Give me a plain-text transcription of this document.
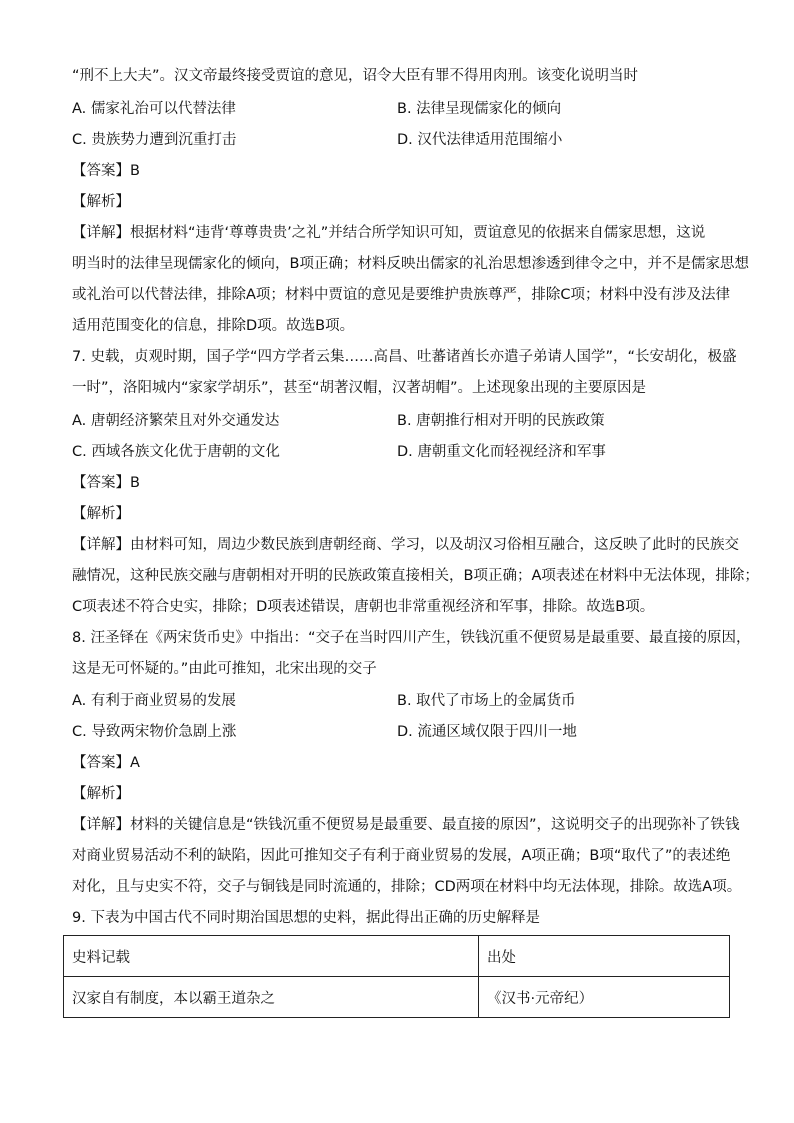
“刑不上大夫”。汉文帝最终接受贾谊的意见，诏令大臣有罪不得用肉刑。该变化说明当时
A. 儒家礼治可以代替法律	B. 法律呈现儒家化的倾向
C. 贵族势力遭到沉重打击	D. 汉代法律适用范围缩小
【答案】B
【解析】
【详解】根据材料“违背‘尊尊贵贵’之礼”并结合所学知识可知，贾谊意见的依据来自儒家思想，这说
明当时的法律呈现儒家化的倾向，B项正确；材料反映出儒家的礼治思想渗透到律令之中，并不是儒家思想
或礼治可以代替法律，排除A项；材料中贾谊的意见是要维护贵族尊严，排除C项；材料中没有涉及法律
适用范围变化的信息，排除D项。故选B项。
7. 史载，贞观时期，国子学“四方学者云集……高昌、吐蕃诸酋长亦遣子弟请人国学”，“长安胡化，极盛
一时”，洛阳城内“家家学胡乐”，甚至“胡著汉帽，汉著胡帽”。上述现象出现的主要原因是
A. 唐朝经济繁荣且对外交通发达	B. 唐朝推行相对开明的民族政策
C. 西域各族文化优于唐朝的文化	D. 唐朝重文化而轻视经济和军事
【答案】B
【解析】
【详解】由材料可知，周边少数民族到唐朝经商、学习，以及胡汉习俗相互融合，这反映了此时的民族交
融情况，这种民族交融与唐朝相对开明的民族政策直接相关，B项正确；A项表述在材料中无法体现，排除；
C项表述不符合史实，排除；D项表述错误，唐朝也非常重视经济和军事，排除。故选B项。
8. 汪圣铎在《两宋货币史》中指出：“交子在当时四川产生，铁钱沉重不便贸易是最重要、最直接的原因，
这是无可怀疑的。”由此可推知，北宋出现的交子
A. 有利于商业贸易的发展	B. 取代了市场上的金属货币
C. 导致两宋物价急剧上涨	D. 流通区域仅限于四川一地
【答案】A
【解析】
【详解】材料的关键信息是“铁钱沉重不便贸易是最重要、最直接的原因”，这说明交子的出现弥补了铁钱
对商业贸易活动不利的缺陷，因此可推知交子有利于商业贸易的发展，A项正确；B项“取代了”的表述绝
对化，且与史实不符，交子与铜钱是同时流通的，排除；CD两项在材料中均无法体现，排除。故选A项。
9. 下表为中国古代不同时期治国思想的史料，据此得出正确的历史解释是
史料记载	出处
汉家自有制度，本以霸王道杂之	《汉书·元帝纪）
